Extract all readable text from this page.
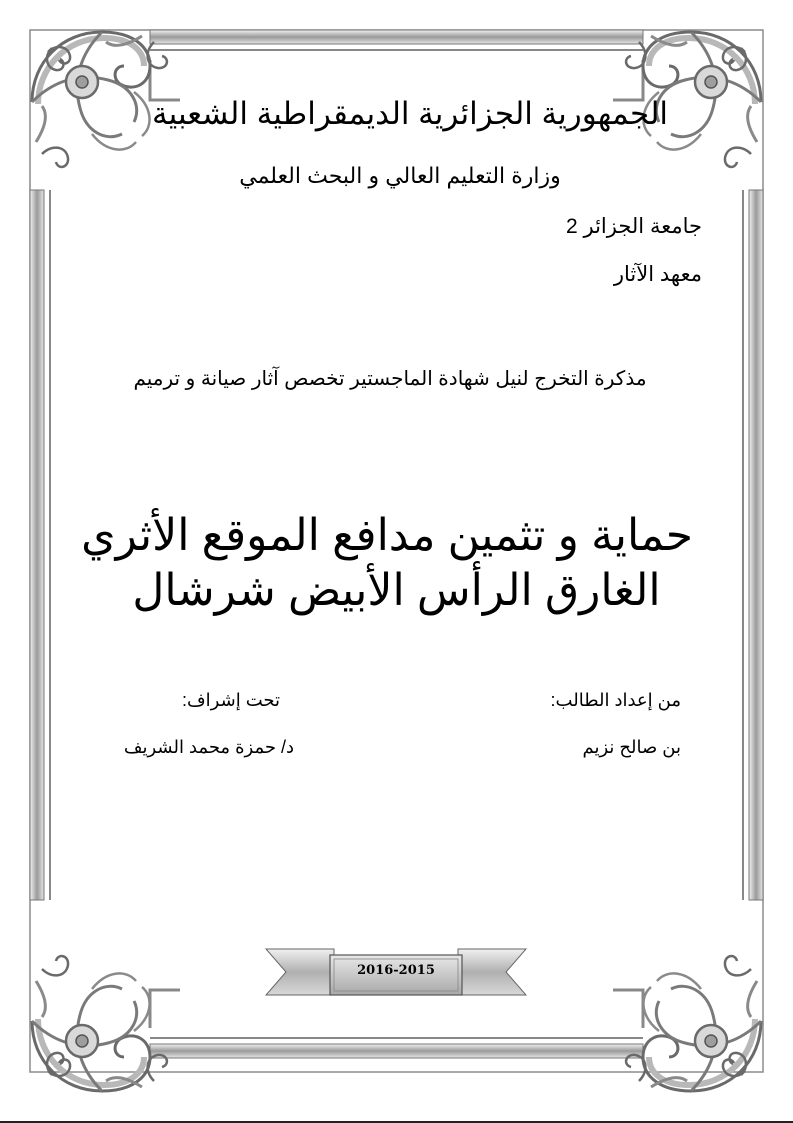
الجمهورية الجزائرية الديمقراطية الشعبية
وزارة التعليم العالي و البحث العلمي
جامعة الجزائر 2
معهد الآثار
مذكرة التخرج لنيل شهادة الماجستير تخصص آثار صيانة و ترميم
حماية و تثمين مدافع الموقع الأثري
الغارق الرأس الأبيض شرشال
من إعداد الطالب:
بن صالح نزيم
تحت إشراف:
د/ حمزة محمد الشريف
2016-2015
